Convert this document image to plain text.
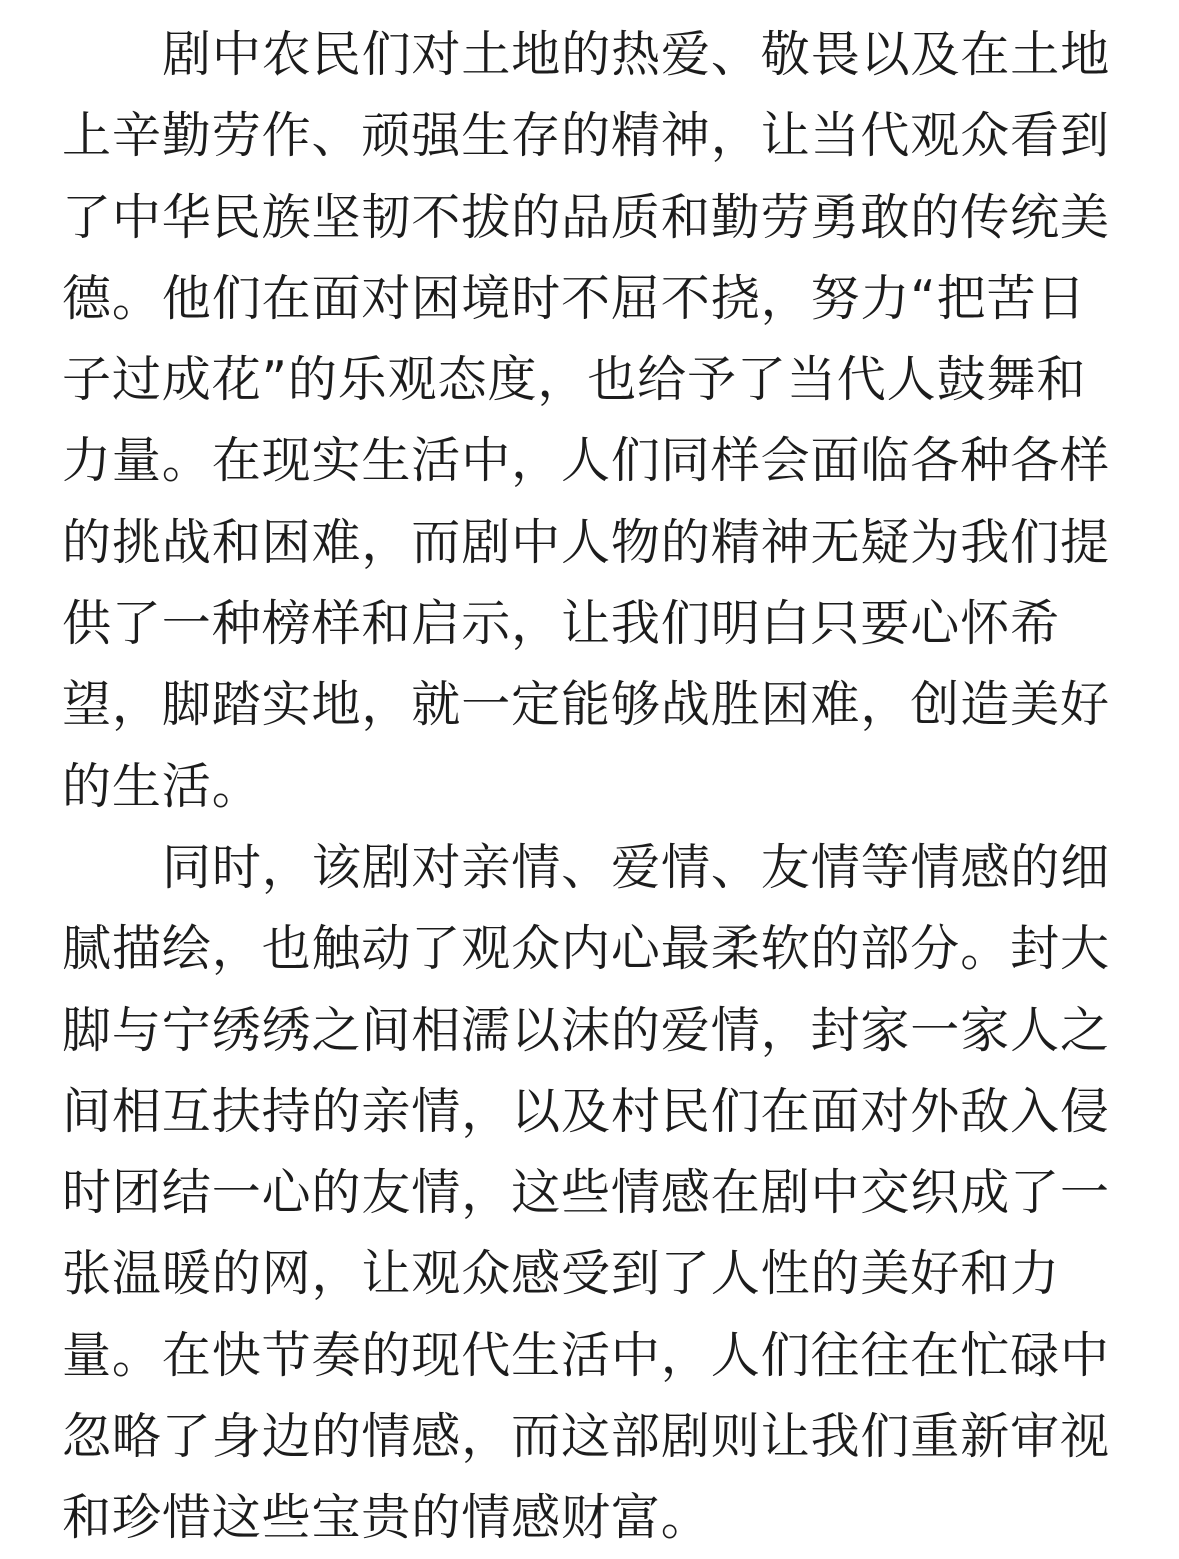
剧中农民们对土地的热爱、敬畏以及在土地
上辛勤劳作、顽强生存的精神，让当代观众看到
了中华民族坚韧不拔的品质和勤劳勇敢的传统美
德。他们在面对困境时不屈不挠，努力“把苦日
子过成花”的乐观态度，也给予了当代人鼓舞和
力量。在现实生活中，人们同样会面临各种各样
的挑战和困难，而剧中人物的精神无疑为我们提
供了一种榜样和启示，让我们明白只要心怀希
望，脚踏实地，就一定能够战胜困难，创造美好
的生活。
同时，该剧对亲情、爱情、友情等情感的细
腻描绘，也触动了观众内心最柔软的部分。封大
脚与宁绣绣之间相濡以沫的爱情，封家一家人之
间相互扶持的亲情，以及村民们在面对外敌入侵
时团结一心的友情，这些情感在剧中交织成了一
张温暖的网，让观众感受到了人性的美好和力
量。在快节奏的现代生活中，人们往往在忙碌中
忽略了身边的情感，而这部剧则让我们重新审视
和珍惜这些宝贵的情感财富。
